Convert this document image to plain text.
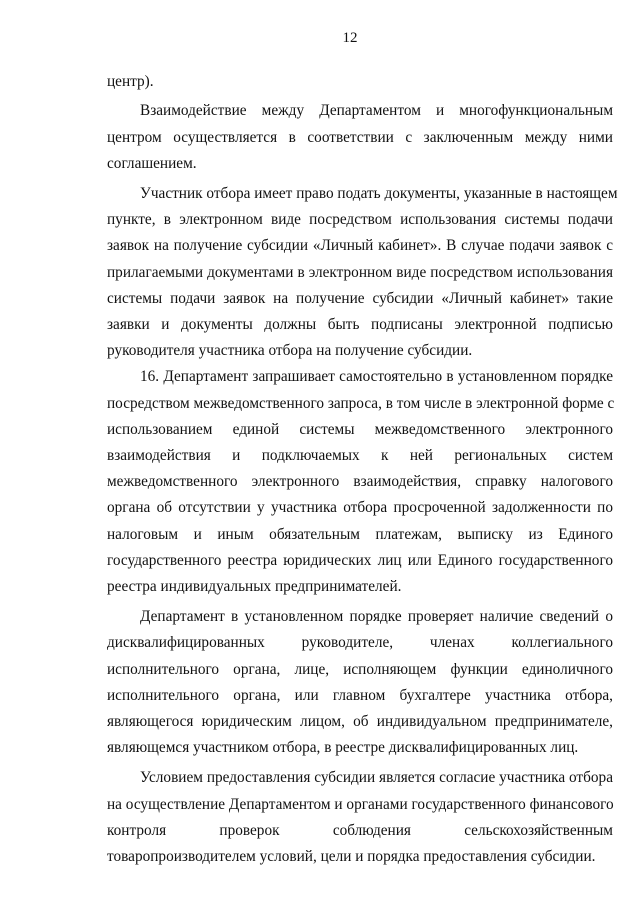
12

центр).

Взаимодействие между Департаментом и многофункциональным
центром осуществляется в соответствии с заключенным между ними
соглашением.

Участник отбора имеет право подать документы, указанные в настоящем
пункте, в электронном виде посредством использования системы подачи
заявок на получение субсидии «Личный кабинет». В случае подачи заявок с
прилагаемыми документами в электронном виде посредством использования
системы подачи заявок на получение субсидии «Личный кабинет» такие
заявки и документы должны быть подписаны электронной подписью
руководителя участника отбора на получение субсидии.

16. Департамент запрашивает самостоятельно в установленном порядке
посредством межведомственного запроса, в том числе в электронной форме с
использованием единой системы межведомственного электронного
взаимодействия и подключаемых к ней региональных систем
межведомственного электронного взаимодействия, справку налогового
органа об отсутствии у участника отбора просроченной задолженности по
налоговым и иным обязательным платежам, выписку из Единого
государственного реестра юридических лиц или Единого государственного
реестра индивидуальных предпринимателей.

Департамент в установленном порядке проверяет наличие сведений о
дисквалифицированных руководителе, членах коллегиального
исполнительного органа, лице, исполняющем функции единоличного
исполнительного органа, или главном бухгалтере участника отбора,
являющегося юридическим лицом, об индивидуальном предпринимателе,
являющемся участником отбора, в реестре дисквалифицированных лиц.

Условием предоставления субсидии является согласие участника отбора
на осуществление Департаментом и органами государственного финансового
контроля проверок соблюдения сельскохозяйственным
товаропроизводителем условий, цели и порядка предоставления субсидии.
